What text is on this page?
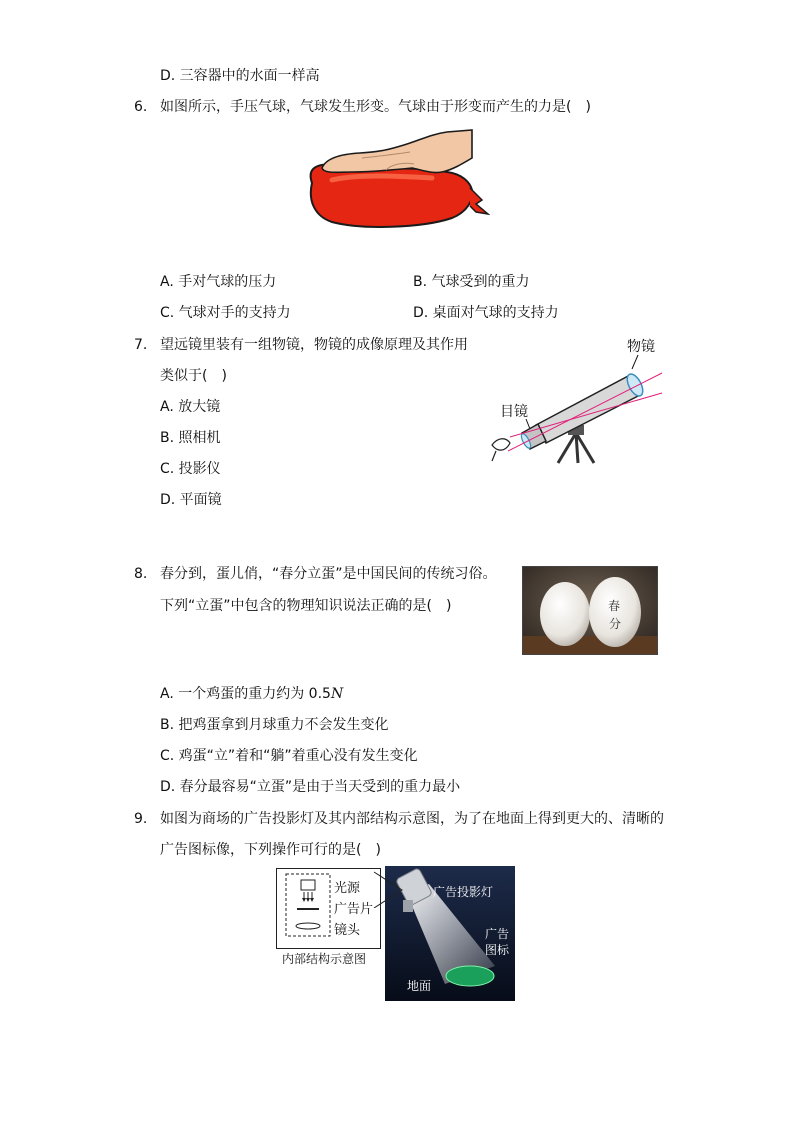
D. 三容器中的水面一样高
6. 如图所示，手压气球，气球发生形变。气球由于形变而产生的力是(　)
A. 手对气球的压力	B. 气球受到的重力
C. 气球对手的支持力	D. 桌面对气球的支持力
7. 望远镜里装有一组物镜，物镜的成像原理及其作用
类似于(　)
A. 放大镜
B. 照相机
C. 投影仪
D. 平面镜
物镜
目镜
8. 春分到，蛋儿俏，“春分立蛋”是中国民间的传统习俗。
下列“立蛋”中包含的物理知识说法正确的是(　)	春
分
A. 一个鸡蛋的重力约为 0.5N
B. 把鸡蛋拿到月球重力不会发生变化
C. 鸡蛋“立”着和“躺”着重心没有发生变化
D. 春分最容易“立蛋”是由于当天受到的重力最小
9. 如图为商场的广告投影灯及其内部结构示意图，为了在地面上得到更大的、清晰的
广告图标像，下列操作可行的是(　)
光源
广告片
镜头
内部结构示意图
广告投影灯
广告
图标
地面
